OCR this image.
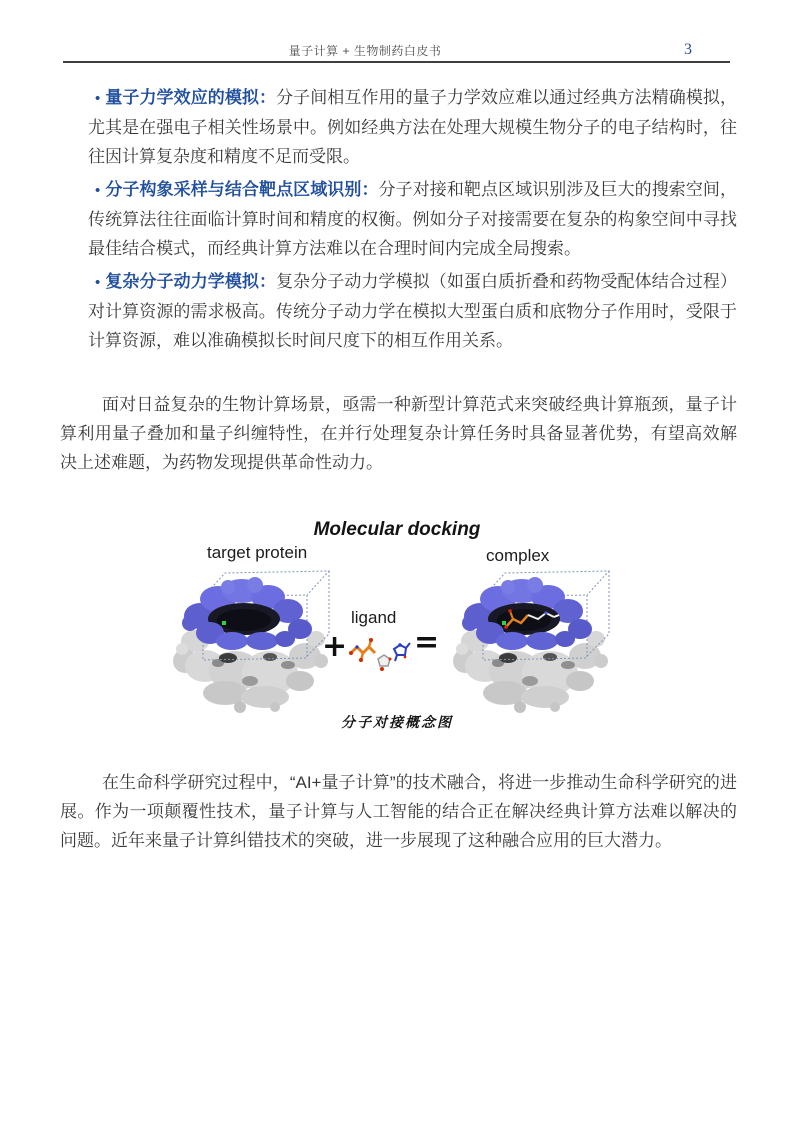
量子计算 + 生物制药白皮书	3

• 量子力学效应的模拟：分子间相互作用的量子力学效应难以通过经典方法精确模拟，尤其是在强电子相关性场景中。例如经典方法在处理大规模生物分子的电子结构时，往往因计算复杂度和精度不足而受限。

• 分子构象采样与结合靶点区域识别：分子对接和靶点区域识别涉及巨大的搜索空间，传统算法往往面临计算时间和精度的权衡。例如分子对接需要在复杂的构象空间中寻找最佳结合模式，而经典计算方法难以在合理时间内完成全局搜索。

• 复杂分子动力学模拟：复杂分子动力学模拟（如蛋白质折叠和药物受配体结合过程）对计算资源的需求极高。传统分子动力学在模拟大型蛋白质和底物分子作用时，受限于计算资源，难以准确模拟长时间尺度下的相互作用关系。

面对日益复杂的生物计算场景，亟需一种新型计算范式来突破经典计算瓶颈，量子计算利用量子叠加和量子纠缠特性，在并行处理复杂计算任务时具备显著优势，有望高效解决上述难题，为药物发现提供革命性动力。

Molecular docking
target protein	complex
ligand
+ =
分子对接概念图

在生命科学研究过程中，“AI+量子计算”的技术融合，将进一步推动生命科学研究的进展。作为一项颠覆性技术，量子计算与人工智能的结合正在解决经典计算方法难以解决的问题。近年来量子计算纠错技术的突破，进一步展现了这种融合应用的巨大潜力。
